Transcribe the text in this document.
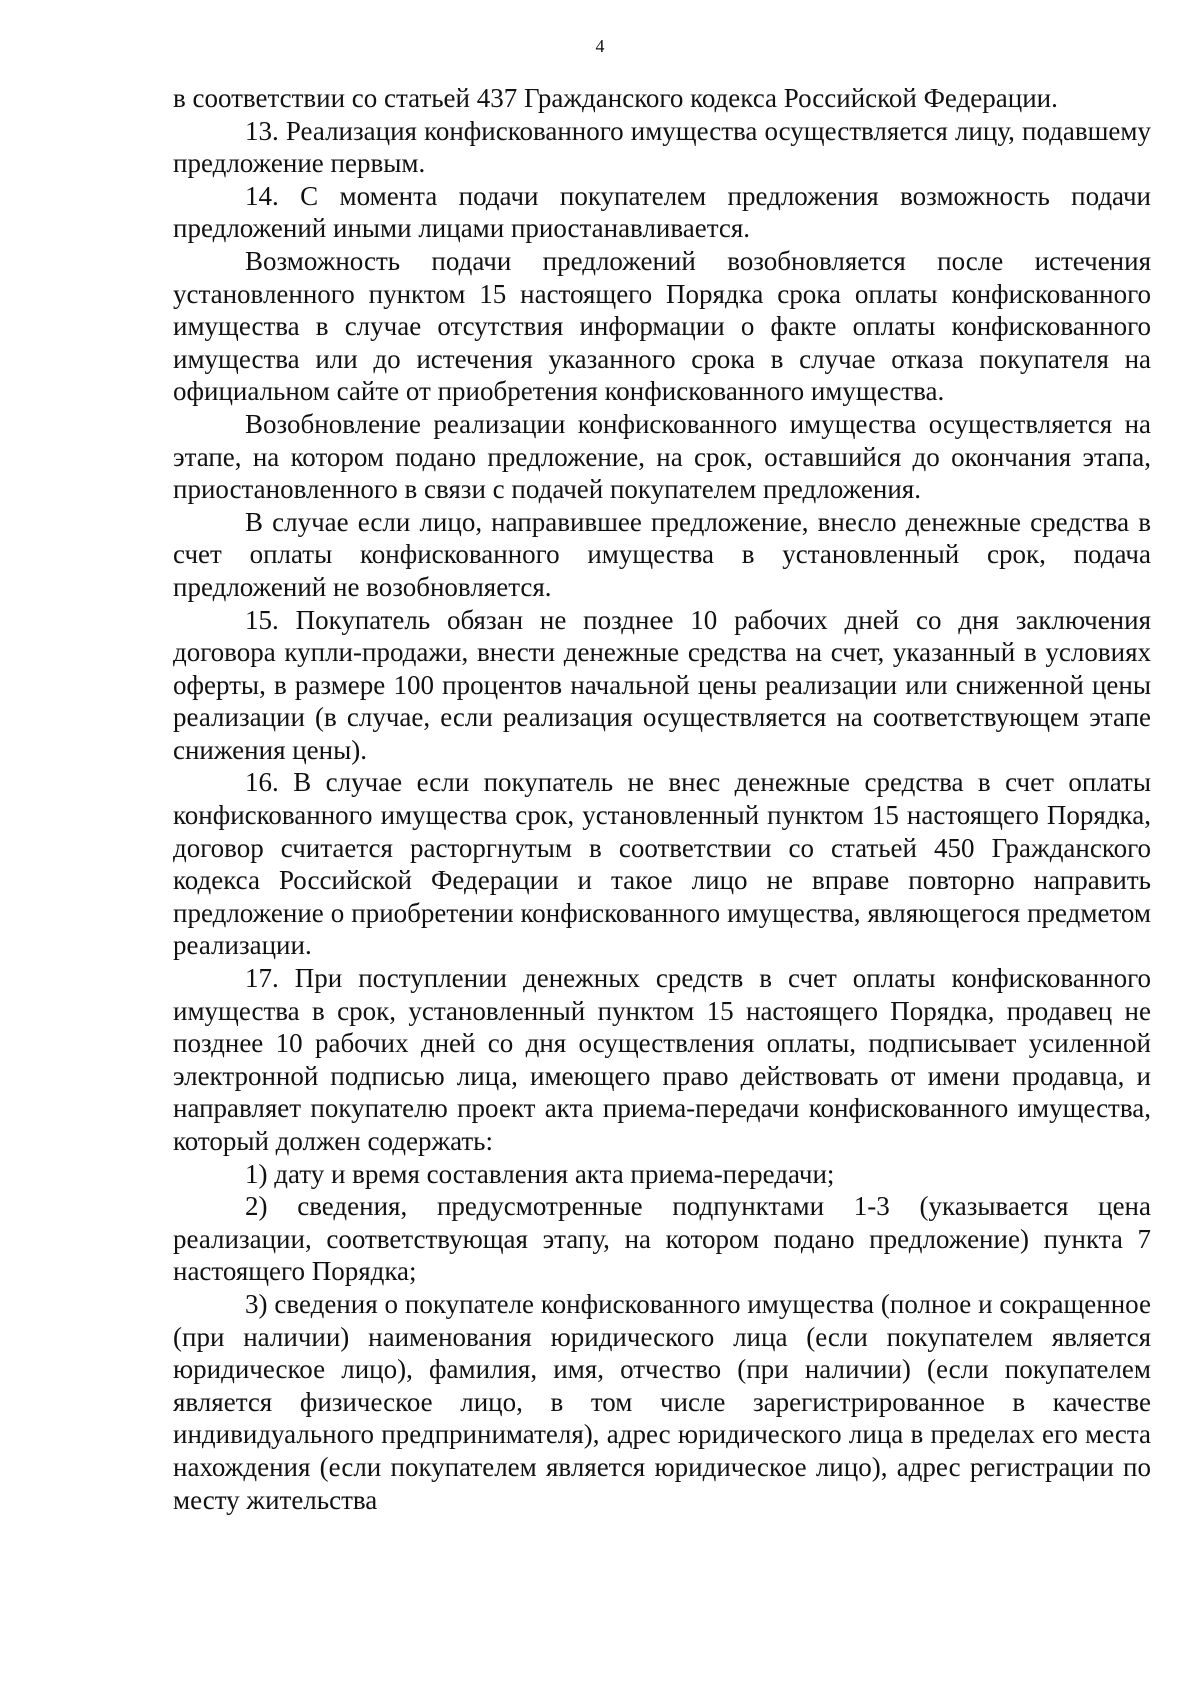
4

в соответствии со статьей 437 Гражданского кодекса Российской Федерации.

13. Реализация конфискованного имущества осуществляется лицу, подавшему предложение первым.

14. С момента подачи покупателем предложения возможность подачи предложений иными лицами приостанавливается.

Возможность подачи предложений возобновляется после истечения установленного пунктом 15 настоящего Порядка срока оплаты конфискованного имущества в случае отсутствия информации о факте оплаты конфискованного имущества или до истечения указанного срока в случае отказа покупателя на официальном сайте от приобретения конфискованного имущества.

Возобновление реализации конфискованного имущества осуществляется на этапе, на котором подано предложение, на срок, оставшийся до окончания этапа, приостановленного в связи с подачей покупателем предложения.

В случае если лицо, направившее предложение, внесло денежные средства в счет оплаты конфискованного имущества в установленный срок, подача предложений не возобновляется.

15. Покупатель обязан не позднее 10 рабочих дней со дня заключения договора купли-продажи, внести денежные средства на счет, указанный в условиях оферты, в размере 100 процентов начальной цены реализации или сниженной цены реализации (в случае, если реализация осуществляется на соответствующем этапе снижения цены).

16. В случае если покупатель не внес денежные средства в счет оплаты конфискованного имущества срок, установленный пунктом 15 настоящего Порядка, договор считается расторгнутым в соответствии со статьей 450 Гражданского кодекса Российской Федерации и такое лицо не вправе повторно направить предложение о приобретении конфискованного имущества, являющегося предметом реализации.

17. При поступлении денежных средств в счет оплаты конфискованного имущества в срок, установленный пунктом 15 настоящего Порядка, продавец не позднее 10 рабочих дней со дня осуществления оплаты, подписывает усиленной электронной подписью лица, имеющего право действовать от имени продавца, и направляет покупателю проект акта приема-передачи конфискованного имущества, который должен содержать:

1) дату и время составления акта приема-передачи;

2) сведения, предусмотренные подпунктами 1-3 (указывается цена реализации, соответствующая этапу, на котором подано предложение) пункта 7 настоящего Порядка;

3) сведения о покупателе конфискованного имущества (полное и сокращенное (при наличии) наименования юридического лица (если покупателем является юридическое лицо), фамилия, имя, отчество (при наличии) (если покупателем является физическое лицо, в том числе зарегистрированное в качестве индивидуального предпринимателя), адрес юридического лица в пределах его места нахождения (если покупателем является юридическое лицо), адрес регистрации по месту жительства
